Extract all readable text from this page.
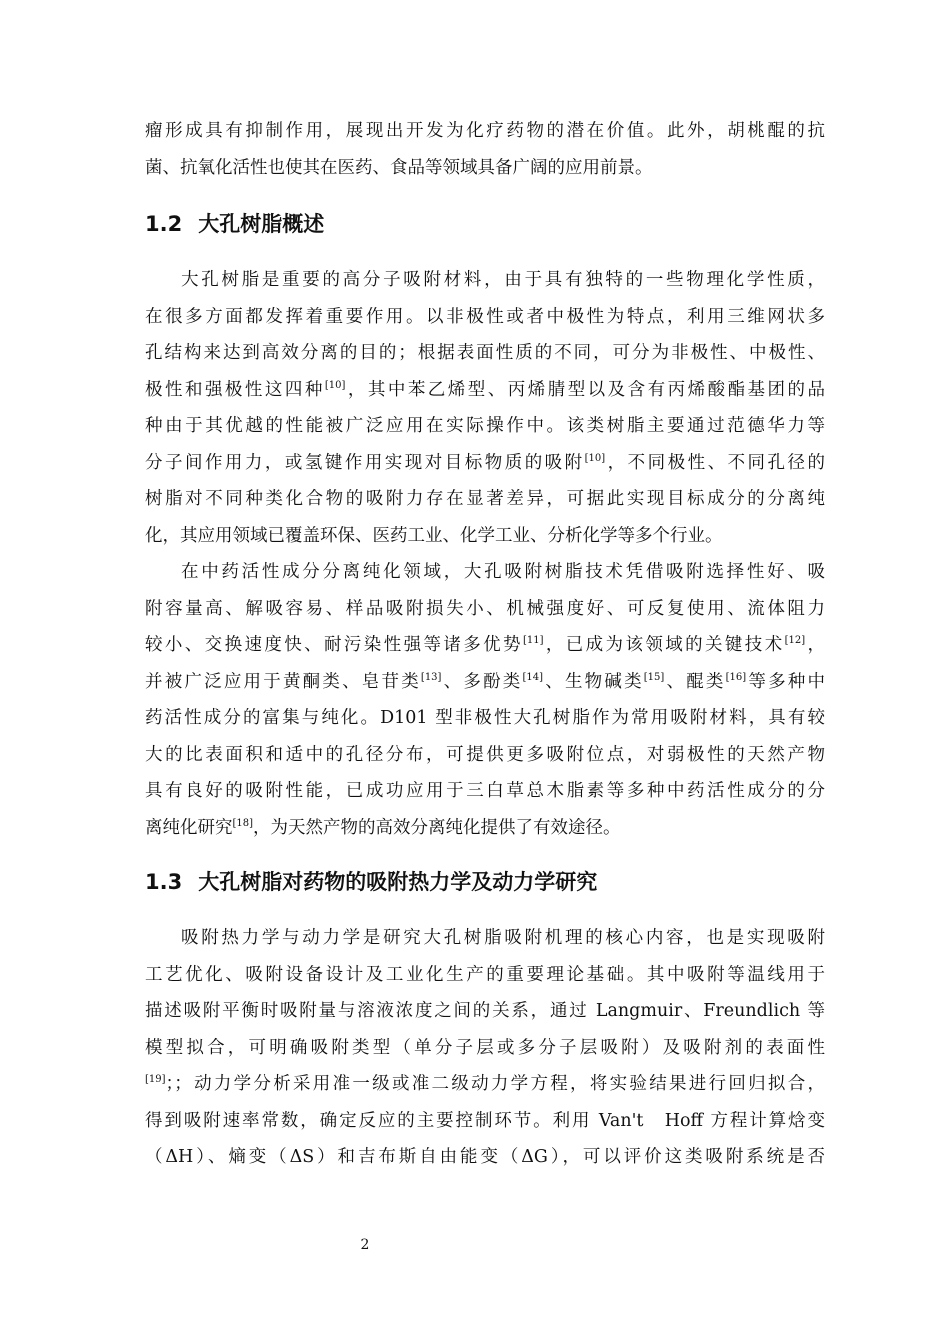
瘤形成具有抑制作用，展现出开发为化疗药物的潜在价值。此外，胡桃醌的抗
菌、抗氧化活性也使其在医药、食品等领域具备广阔的应用前景。
1.2 大孔树脂概述
大孔树脂是重要的高分子吸附材料，由于具有独特的一些物理化学性质，
在很多方面都发挥着重要作用。以非极性或者中极性为特点，利用三维网状多
孔结构来达到高效分离的目的；根据表面性质的不同，可分为非极性、中极性、
极性和强极性这四种[10]，其中苯乙烯型、丙烯腈型以及含有丙烯酸酯基团的品
种由于其优越的性能被广泛应用在实际操作中。该类树脂主要通过范德华力等
分子间作用力，或氢键作用实现对目标物质的吸附[10]，不同极性、不同孔径的
树脂对不同种类化合物的吸附力存在显著差异，可据此实现目标成分的分离纯
化，其应用领域已覆盖环保、医药工业、化学工业、分析化学等多个行业。
在中药活性成分分离纯化领域，大孔吸附树脂技术凭借吸附选择性好、吸
附容量高、解吸容易、样品吸附损失小、机械强度好、可反复使用、流体阻力
较小、交换速度快、耐污染性强等诸多优势[11]，已成为该领域的关键技术[12]，
并被广泛应用于黄酮类、皂苷类[13]、多酚类[14]、生物碱类[15]、醌类[16]等多种中
药活性成分的富集与纯化。D101 型非极性大孔树脂作为常用吸附材料，具有较
大的比表面积和适中的孔径分布，可提供更多吸附位点，对弱极性的天然产物
具有良好的吸附性能，已成功应用于三白草总木脂素等多种中药活性成分的分
离纯化研究[18]，为天然产物的高效分离纯化提供了有效途径。
1.3 大孔树脂对药物的吸附热力学及动力学研究
吸附热力学与动力学是研究大孔树脂吸附机理的核心内容，也是实现吸附
工艺优化、吸附设备设计及工业化生产的重要理论基础。其中吸附等温线用于
描述吸附平衡时吸附量与溶液浓度之间的关系，通过 Langmuir、Freundlich 等
模型拟合，可明确吸附类型（单分子层或多分子层吸附）及吸附剂的表面性
[19]；；动力学分析采用准一级或准二级动力学方程，将实验结果进行回归拟合，
得到吸附速率常数，确定反应的主要控制环节。利用 Van't　Hoff 方程计算焓变
（ΔH）、熵变（ΔS）和吉布斯自由能变（ΔG），可以评价这类吸附系统是否
2
